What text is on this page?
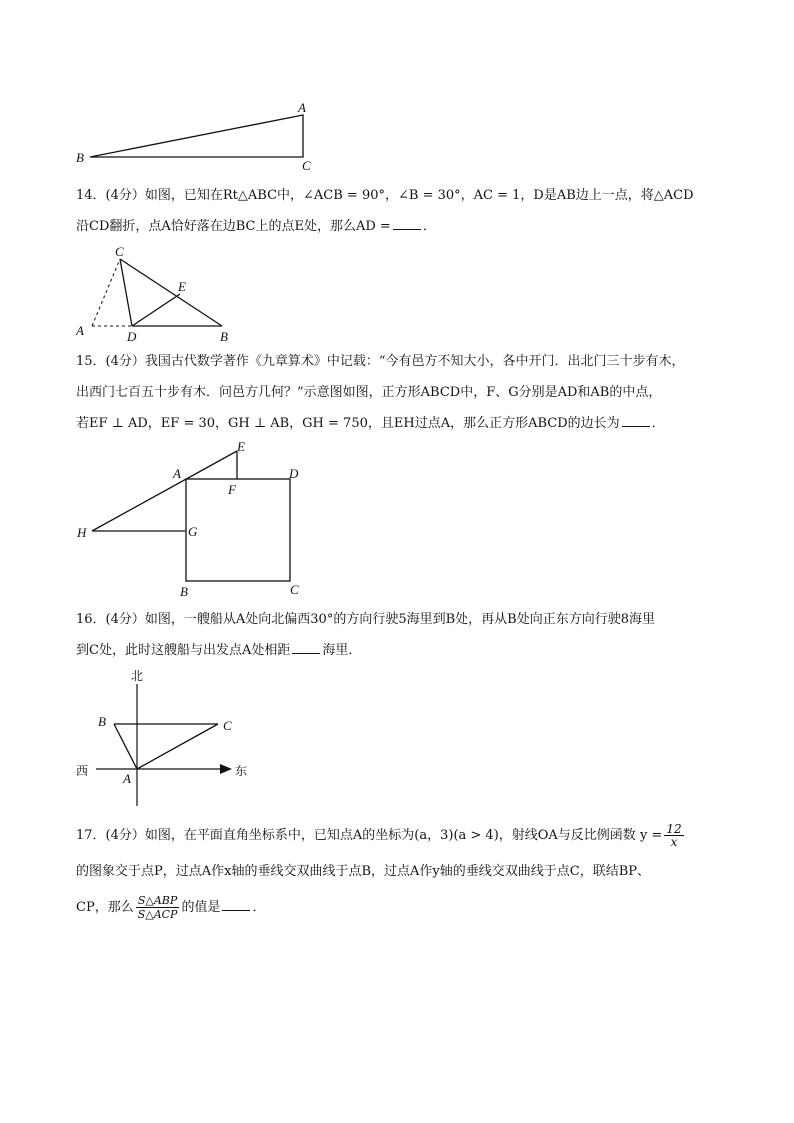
A
B
C
14．(4分）如图，已知在Rt△ABC中，∠ACB = 90°，∠B = 30°，AC = 1，D是AB边上一点，将△ACD
沿CD翻折，点A恰好落在边BC上的点E处，那么AD = ．
C
E
A	D	B
15．(4分）我国古代数学著作《九章算术》中记载：“今有邑方不知大小，各中开门．出北门三十步有木，
出西门七百五十步有木．问邑方几何？”示意图如图，正方形ABCD中，F、G分别是AD和AB的中点，
若EF ⊥ AD，EF = 30，GH ⊥ AB，GH = 750，且EH过点A，那么正方形ABCD的边长为 ．
A
E
D
F
H	G
B	C
16．(4分）如图，一艘船从A处向北偏西30°的方向行驶5海里到B处，再从B处向正东方向行驶8海里
到C处，此时这艘船与出发点A处相距 海里．
北
西	东
B	C
A
17．(4分）如图，在平面直角坐标系中，已知点A的坐标为(a，3)(a > 4)，射线OA与反比例函数 $y = \frac{12}{x}$
的图象交于点P，过点A作x轴的垂线交双曲线于点B，过点A作y轴的垂线交双曲线于点C，联结BP、
CP，那么 $\frac{\text{S△ABP}}{\text{S△ACP}}$ 的值是 ．
